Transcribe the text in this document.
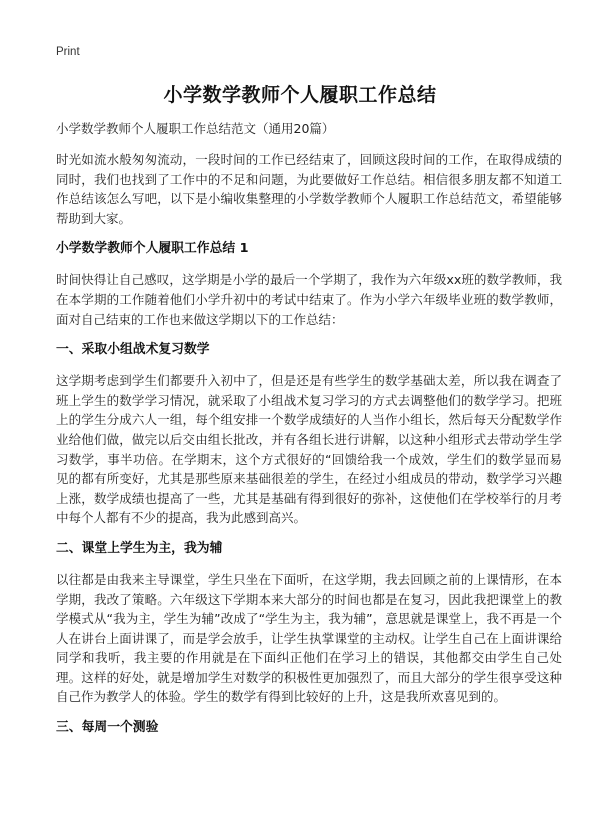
Print
小学数学教师个人履职工作总结
小学数学教师个人履职工作总结范文（通用20篇）

时光如流水般匆匆流动，一段时间的工作已经结束了，回顾这段时间的工作，在取得成绩的同时，我们也找到了工作中的不足和问题，为此要做好工作总结。相信很多朋友都不知道工作总结该怎么写吧，以下是小编收集整理的小学数学教师个人履职工作总结范文，希望能够帮助到大家。

小学数学教师个人履职工作总结 1

时间快得让自己感叹，这学期是小学的最后一个学期了，我作为六年级xx班的数学教师，我在本学期的工作随着他们小学升初中的考试中结束了。作为小学六年级毕业班的数学教师，面对自己结束的工作也来做这学期以下的工作总结：

一、采取小组战术复习数学

这学期考虑到学生们都要升入初中了，但是还是有些学生的数学基础太差，所以我在调查了班上学生的数学学习情况，就采取了小组战术复习学习的方式去调整他们的数学学习。把班上的学生分成六人一组，每个组安排一个数学成绩好的人当作小组长，然后每天分配数学作业给他们做，做完以后交由组长批改，并有各组长进行讲解，以这种小组形式去带动学生学习数学，事半功倍。在学期末，这个方式很好的“回馈给我一个成效，学生们的数学显而易见的都有所变好，尤其是那些原来基础很差的学生，在经过小组成员的带动，数学学习兴趣上涨，数学成绩也提高了一些，尤其是基础有得到很好的弥补，这使他们在学校举行的月考中每个人都有不少的提高，我为此感到高兴。

二、课堂上学生为主，我为辅

以往都是由我来主导课堂，学生只坐在下面听，在这学期，我去回顾之前的上课情形，在本学期，我改了策略。六年级这下学期本来大部分的时间也都是在复习，因此我把课堂上的教学模式从“我为主，学生为辅”改成了“学生为主，我为辅”，意思就是课堂上，我不再是一个人在讲台上面讲课了，而是学会放手，让学生执掌课堂的主动权。让学生自己在上面讲课给同学和我听，我主要的作用就是在下面纠正他们在学习上的错误，其他都交由学生自己处理。这样的好处，就是增加学生对数学的积极性更加强烈了，而且大部分的学生很享受这种自己作为教学人的体验。学生的数学有得到比较好的上升，这是我所欢喜见到的。

三、每周一个测验
